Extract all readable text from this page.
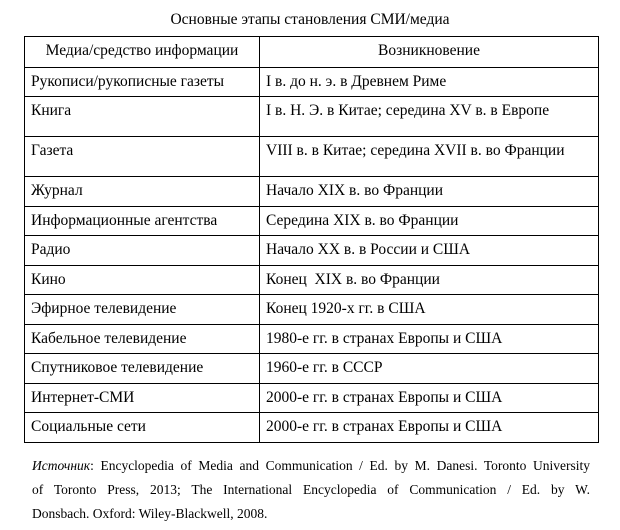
Основные этапы становления СМИ/медиа
Медиа/средство информации	Возникновение
Рукописи/рукописные газеты	I в. до н. э. в Древнем Риме
Книга	I в. Н. Э. в Китае; середина XV в. в Европе
Газета	VIII в. в Китае; середина XVII в. во Франции
Журнал	Начало XIX в. во Франции
Информационные агентства	Середина XIX в. во Франции
Радио	Начало XX в. в России и США
Кино	Конец  XIX в. во Франции
Эфирное телевидение	Конец 1920-х гг. в США
Кабельное телевидение	1980-е гг. в странах Европы и США
Спутниковое телевидение	1960-е гг. в СССР
Интернет-СМИ	2000-е гг. в странах Европы и США
Социальные сети	2000-е гг. в странах Европы и США
Источник: Encyclopedia of Media and Communication / Ed. by M. Danesi. Toronto University
of Toronto Press, 2013; The International Encyclopedia of Communication / Ed. by W.
Donsbach. Oxford: Wiley-Blackwell, 2008.
